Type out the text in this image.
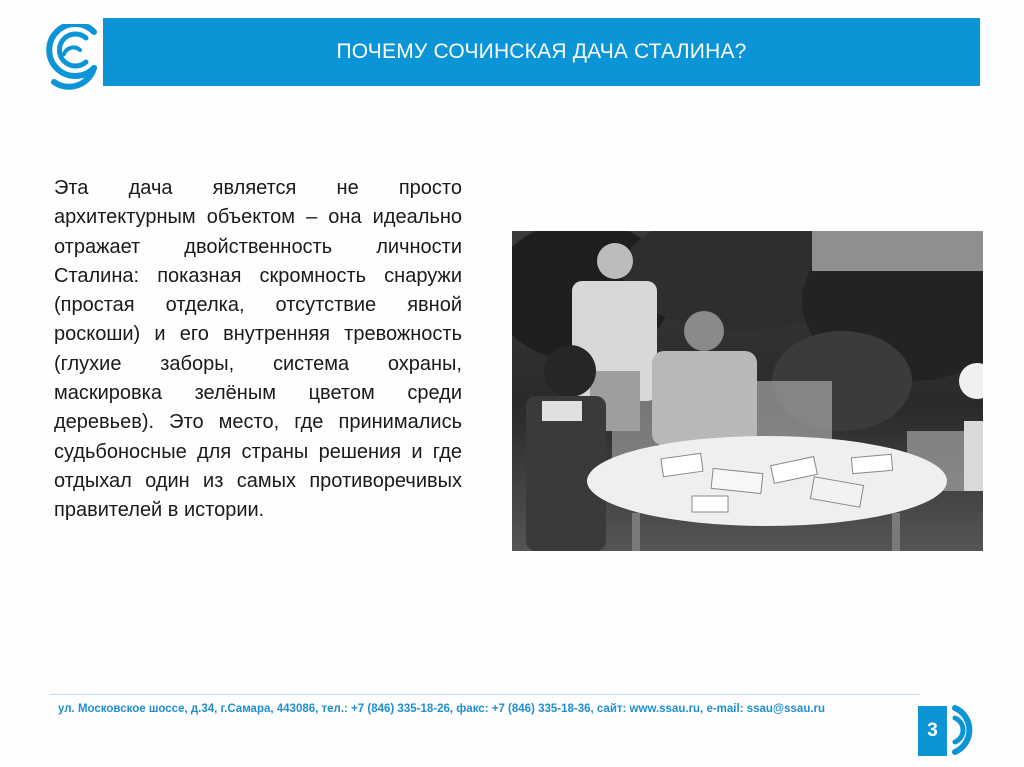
ПОЧЕМУ СОЧИНСКАЯ ДАЧА СТАЛИНА?
Эта дача является не просто архитектурным объектом – она идеально отражает двойственность личности Сталина: показная скромность снаружи (простая отделка, отсутствие явной роскоши) и его внутренняя тревожность (глухие заборы, система охраны, маскировка зелёным цветом среди деревьев). Это место, где принимались судьбоносные для страны решения и где отдыхал один из самых противоречивых правителей в истории.
ул. Московское шоссе, д.34, г.Самара, 443086, тел.: +7 (846) 335-18-26, факс: +7 (846) 335-18-36, сайт: www.ssau.ru, e-mail: ssau@ssau.ru
3
